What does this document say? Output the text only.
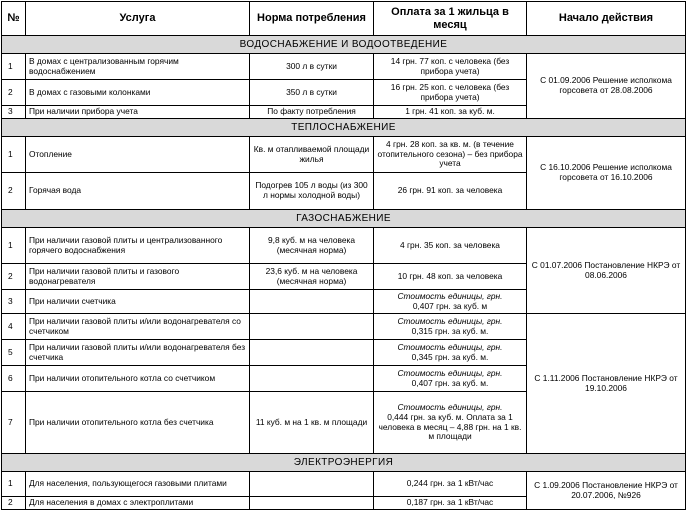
№	Услуга	Норма потребления	Оплата за 1 жильца в месяц	Начало действия
ВОДОСНАБЖЕНИЕ И ВОДООТВЕДЕНИЕ				
1	В домах с централизованным горячим водоснабжением	300 л в сутки	14 грн. 77 коп. с человека (без прибора учета)	С 01.09.2006 Решение исполкома горсовета от 28.08.2006
2	В домах с газовыми колонками	350 л в сутки	16 грн. 25 коп. с человека (без прибора учета)	
3	При наличии прибора учета	По факту потребления	1 грн. 41 коп. за куб. м.	
ТЕПЛОСНАБЖЕНИЕ				
1	Отопление	Кв. м отапливаемой площади жилья	4 грн. 28 коп. за кв. м. (в течение отопительного сезона) – без прибора учета	С 16.10.2006 Решение исполкома горсовета от 16.10.2006
2	Горячая вода	Подогрев 105 л воды (из 300 л нормы холодной воды)	26 грн. 91 коп. за человека	
ГАЗОСНАБЖЕНИЕ				
1	При наличии газовой плиты и централизованного горячего водоснабжения	9,8 куб. м на человека (месячная норма)	4 грн. 35 коп. за человека	С 01.07.2006 Постановление НКРЭ от 08.06.2006
2	При наличии газовой плиты и газового водонагревателя	23,6 куб. м на человека (месячная норма)	10 грн. 48 коп. за человека	
3	При наличии счетчика		Стоимость единицы, грн.
0,407 грн. за куб. м	
4	При наличии газовой плиты и/или водонагревателя со счетчиком		Стоимость единицы, грн.
0,315 грн. за куб. м.	С 1.11.2006 Постановление НКРЭ от 19.10.2006
5	При наличии газовой плиты и/или водонагревателя без счетчика		Стоимость единицы, грн.
0,345 грн. за куб. м.	
6	При наличии отопительного котла со счетчиком		Стоимость единицы, грн.
0,407 грн. за куб. м.	
7	При наличии отопительного котла без счетчика	11 куб. м на 1 кв. м площади	Стоимость единицы, грн.
0,444 грн. за куб. м. Оплата за 1 человека в месяц – 4,88 грн. на 1 кв. м площади	
ЭЛЕКТРОЭНЕРГИЯ				
1	Для населения, пользующегося газовыми плитами		0,244 грн. за 1 кВт/час	С 1.09.2006 Постановление НКРЭ от 20.07.2006, №926
2	Для населения в домах с электроплитами		0,187 грн. за 1 кВт/час	
